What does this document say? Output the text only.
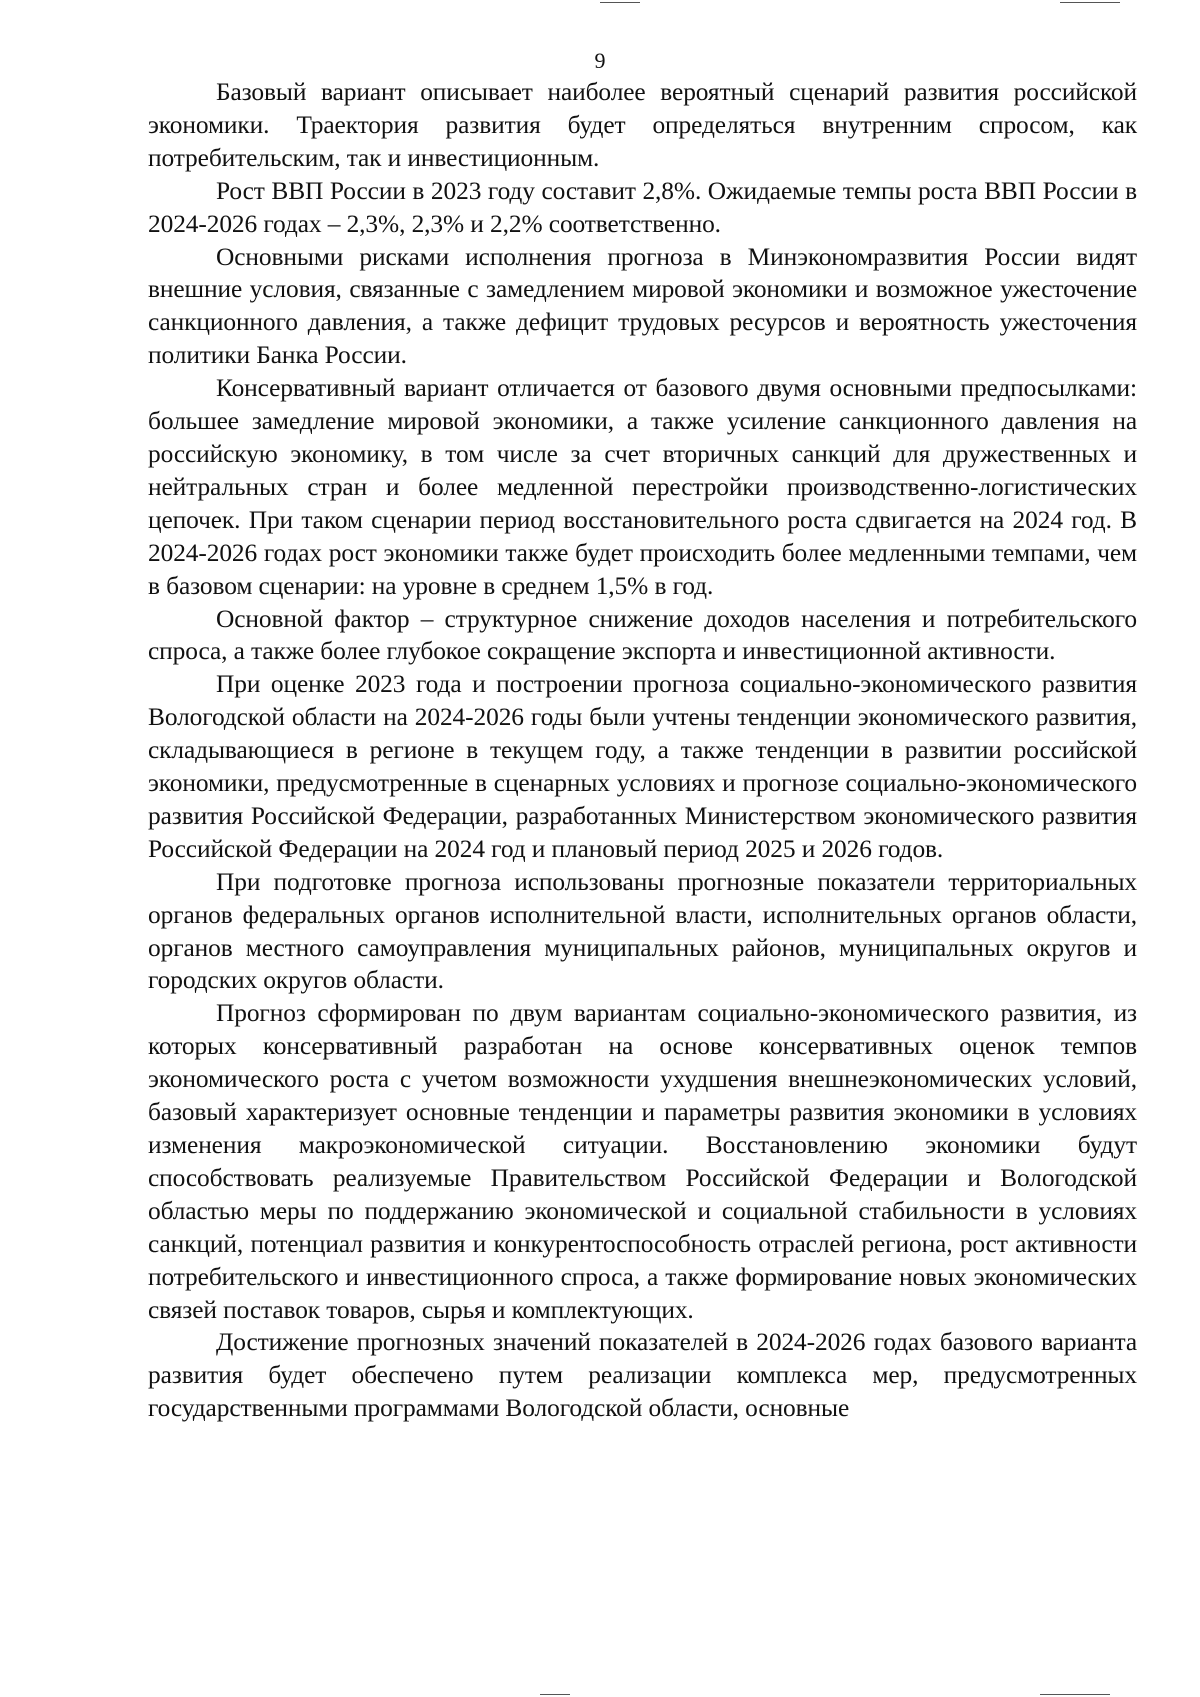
9

Базовый вариант описывает наиболее вероятный сценарий развития российской экономики. Траектория развития будет определяться внутренним спросом, как потребительским, так и инвестиционным.

Рост ВВП России в 2023 году составит 2,8%. Ожидаемые темпы роста ВВП России в 2024-2026 годах – 2,3%, 2,3% и 2,2% соответственно.

Основными рисками исполнения прогноза в Минэкономразвития России видят внешние условия, связанные с замедлением мировой экономики и возможное ужесточение санкционного давления, а также дефицит трудовых ресурсов и вероятность ужесточения политики Банка России.

Консервативный вариант отличается от базового двумя основными предпосылками: большее замедление мировой экономики, а также усиление санкционного давления на российскую экономику, в том числе за счет вторичных санкций для дружественных и нейтральных стран и более медленной перестройки производственно-логистических цепочек. При таком сценарии период восстановительного роста сдвигается на 2024 год. В 2024-2026 годах рост экономики также будет происходить более медленными темпами, чем в базовом сценарии: на уровне в среднем 1,5% в год.

Основной фактор – структурное снижение доходов населения и потребительского спроса, а также более глубокое сокращение экспорта и инвестиционной активности.

При оценке 2023 года и построении прогноза социально-экономического развития Вологодской области на 2024-2026 годы были учтены тенденции экономического развития, складывающиеся в регионе в текущем году, а также тенденции в развитии российской экономики, предусмотренные в сценарных условиях и прогнозе социально-экономического развития Российской Федерации, разработанных Министерством экономического развития Российской Федерации на 2024 год и плановый период 2025 и 2026 годов.

При подготовке прогноза использованы прогнозные показатели территориальных органов федеральных органов исполнительной власти, исполнительных органов области, органов местного самоуправления муниципальных районов, муниципальных округов и городских округов области.

Прогноз сформирован по двум вариантам социально-экономического развития, из которых консервативный разработан на основе консервативных оценок темпов экономического роста с учетом возможности ухудшения внешнеэкономических условий, базовый характеризует основные тенденции и параметры развития экономики в условиях изменения макроэкономической ситуации. Восстановлению экономики будут способствовать реализуемые Правительством Российской Федерации и Вологодской областью меры по поддержанию экономической и социальной стабильности в условиях санкций, потенциал развития и конкурентоспособность отраслей региона, рост активности потребительского и инвестиционного спроса, а также формирование новых экономических связей поставок товаров, сырья и комплектующих.

Достижение прогнозных значений показателей в 2024-2026 годах базового варианта развития будет обеспечено путем реализации комплекса мер, предусмотренных государственными программами Вологодской области, основные
